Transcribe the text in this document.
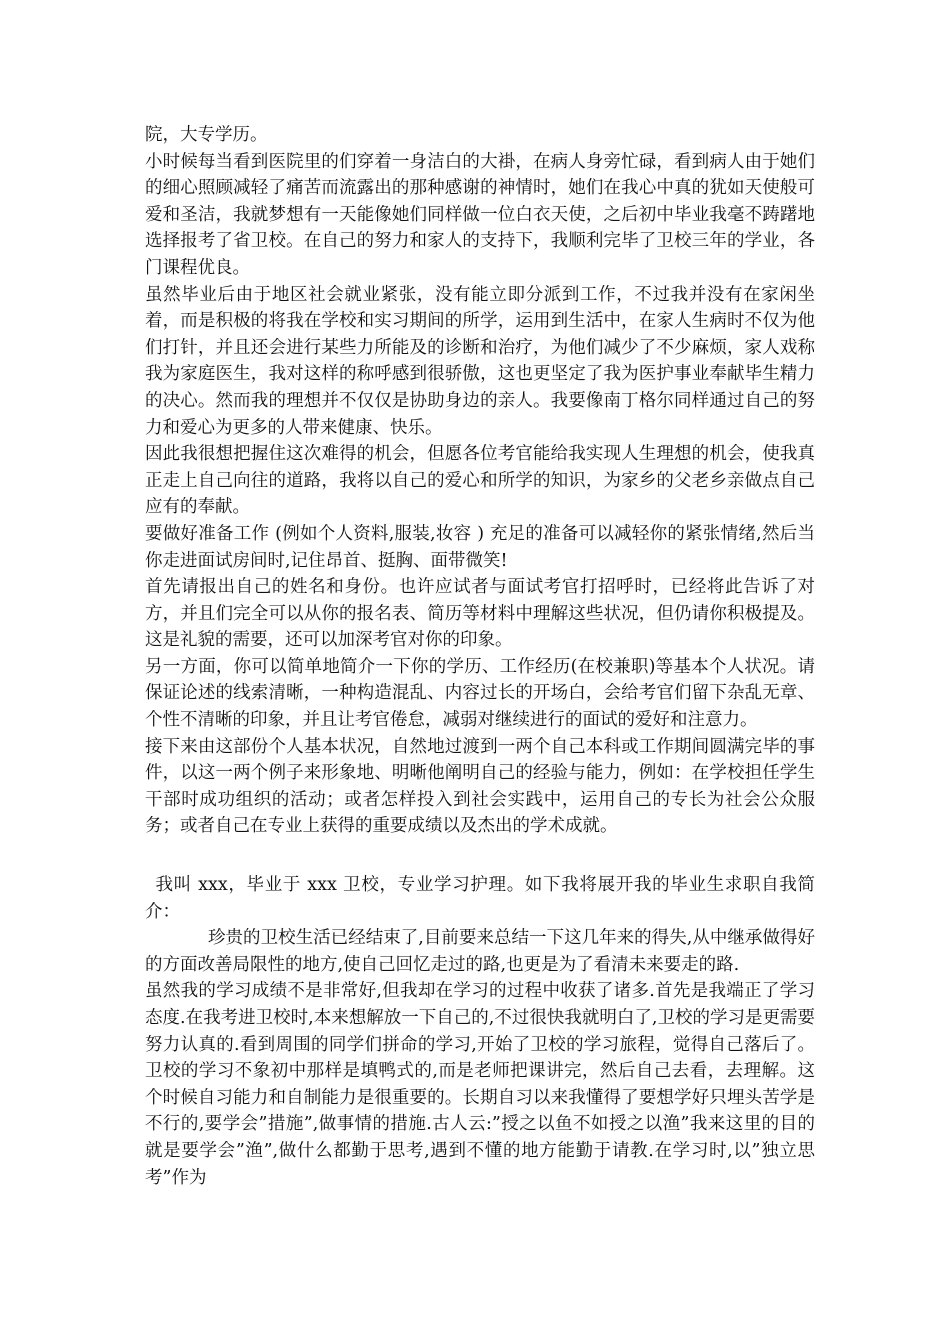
院，大专学历。

小时候每当看到医院里的们穿着一身洁白的大褂，在病人身旁忙碌，看到病人由于她们的细心照顾减轻了痛苦而流露出的那种感谢的神情时，她们在我心中真的犹如天使般可爱和圣洁，我就梦想有一天能像她们同样做一位白衣天使，之后初中毕业我毫不踌躇地选择报考了省卫校。在自己的努力和家人的支持下，我顺利完毕了卫校三年的学业，各门课程优良。

虽然毕业后由于地区社会就业紧张，没有能立即分派到工作，不过我并没有在家闲坐着，而是积极的将我在学校和实习期间的所学，运用到生活中，在家人生病时不仅为他们打针，并且还会进行某些力所能及的诊断和治疗，为他们减少了不少麻烦，家人戏称我为家庭医生，我对这样的称呼感到很骄傲，这也更坚定了我为医护事业奉献毕生精力的决心。然而我的理想并不仅仅是协助身边的亲人。我要像南丁格尔同样通过自己的努力和爱心为更多的人带来健康、快乐。

因此我很想把握住这次难得的机会，但愿各位考官能给我实现人生理想的机会，使我真正走上自己向往的道路，我将以自己的爱心和所学的知识，为家乡的父老乡亲做点自己应有的奉献。

要做好准备工作 (例如个人资料,服装,妆容 ) 充足的准备可以减轻你的紧张情绪,然后当你走进面试房间时,记住昂首、挺胸、面带微笑!

首先请报出自己的姓名和身份。也许应试者与面试考官打招呼时，已经将此告诉了对方，并且们完全可以从你的报名表、简历等材料中理解这些状况，但仍请你积极提及。这是礼貌的需要，还可以加深考官对你的印象。

另一方面，你可以简单地简介一下你的学历、工作经历(在校兼职)等基本个人状况。请保证论述的线索清晰，一种构造混乱、内容过长的开场白，会给考官们留下杂乱无章、个性不清晰的印象，并且让考官倦怠，减弱对继续进行的面试的爱好和注意力。

接下来由这部份个人基本状况，自然地过渡到一两个自己本科或工作期间圆满完毕的事件，以这一两个例子来形象地、明晰他阐明自己的经验与能力，例如：在学校担任学生干部时成功组织的活动；或者怎样投入到社会实践中，运用自己的专长为社会公众服务；或者自己在专业上获得的重要成绩以及杰出的学术成就。

我叫 xxx，毕业于 xxx 卫校，专业学习护理。如下我将展开我的毕业生求职自我简介：

珍贵的卫校生活已经结束了,目前要来总结一下这几年来的得失,从中继承做得好的方面改善局限性的地方,使自己回忆走过的路,也更是为了看清未来要走的路.

虽然我的学习成绩不是非常好,但我却在学习的过程中收获了诸多.首先是我端正了学习态度.在我考进卫校时,本来想解放一下自己的,不过很快我就明白了,卫校的学习是更需要努力认真的.看到周围的同学们拼命的学习,开始了卫校的学习旅程，觉得自己落后了。卫校的学习不象初中那样是填鸭式的,而是老师把课讲完，然后自己去看，去理解。这个时候自习能力和自制能力是很重要的。长期自习以来我懂得了要想学好只埋头苦学是不行的,要学会”措施”,做事情的措施.古人云:”授之以鱼不如授之以渔”我来这里的目的就是要学会”渔”,做什么都勤于思考,遇到不懂的地方能勤于请教.在学习时,以”独立思考”作为
